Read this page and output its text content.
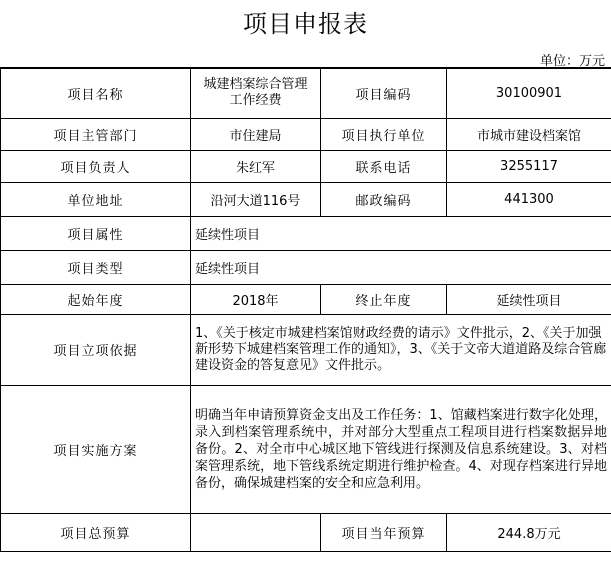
项目申报表
单位：万元
项目名称	城建档案综合管理工作经费	项目编码	30100901
项目主管部门	市住建局	项目执行单位	市城市建设档案馆
项目负责人	朱红军	联系电话	3255117
单位地址	沿河大道116号	邮政编码	441300
项目属性	延续性项目		
项目类型	延续性项目		
起始年度	2018年	终止年度	延续性项目
项目立项依据	1、《关于核定市城建档案馆财政经费的请示》文件批示，2、《关于加强新形势下城建档案管理工作的通知》，3、《关于文帝大道道路及综合管廊建设资金的答复意见》文件批示。		
项目实施方案	明确当年申请预算资金支出及工作任务：1、馆藏档案进行数字化处理，录入到档案管理系统中，并对部分大型重点工程项目进行档案数据异地备份。2、对全市中心城区地下管线进行探测及信息系统建设。3、对档案管理系统，地下管线系统定期进行维护检查。4、对现存档案进行异地备份，确保城建档案的安全和应急利用。		
项目总预算		项目当年预算	244.8万元
